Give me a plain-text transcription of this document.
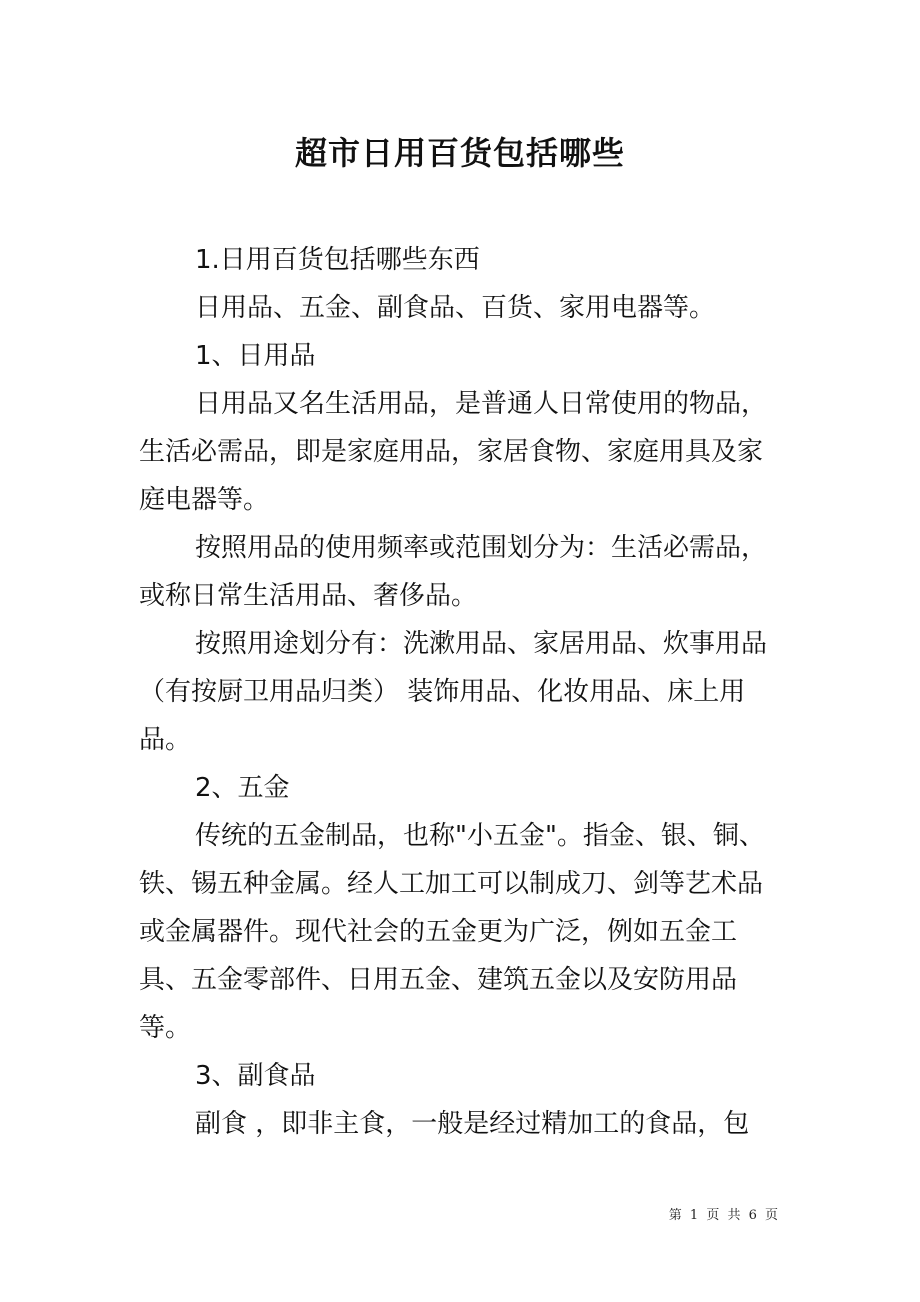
超市日用百货包括哪些

1.日用百货包括哪些东西

日用品、五金、副食品、百货、家用电器等。

1、日用品

日用品又名生活用品，是普通人日常使用的物品，生活必需品，即是家庭用品，家居食物、家庭用具及家庭电器等。

按照用品的使用频率或范围划分为：生活必需品，或称日常生活用品、奢侈品。

按照用途划分有：洗漱用品、家居用品、炊事用品（有按厨卫用品归类） 装饰用品、化妆用品、床上用品。

2、五金

传统的五金制品，也称"小五金"。指金、银、铜、铁、锡五种金属。经人工加工可以制成刀、剑等艺术品或金属器件。现代社会的五金更为广泛，例如五金工具、五金零部件、日用五金、建筑五金以及安防用品等。

3、副食品

副食 ，即非主食，一般是经过精加工的食品，包

第 1 页 共 6 页
